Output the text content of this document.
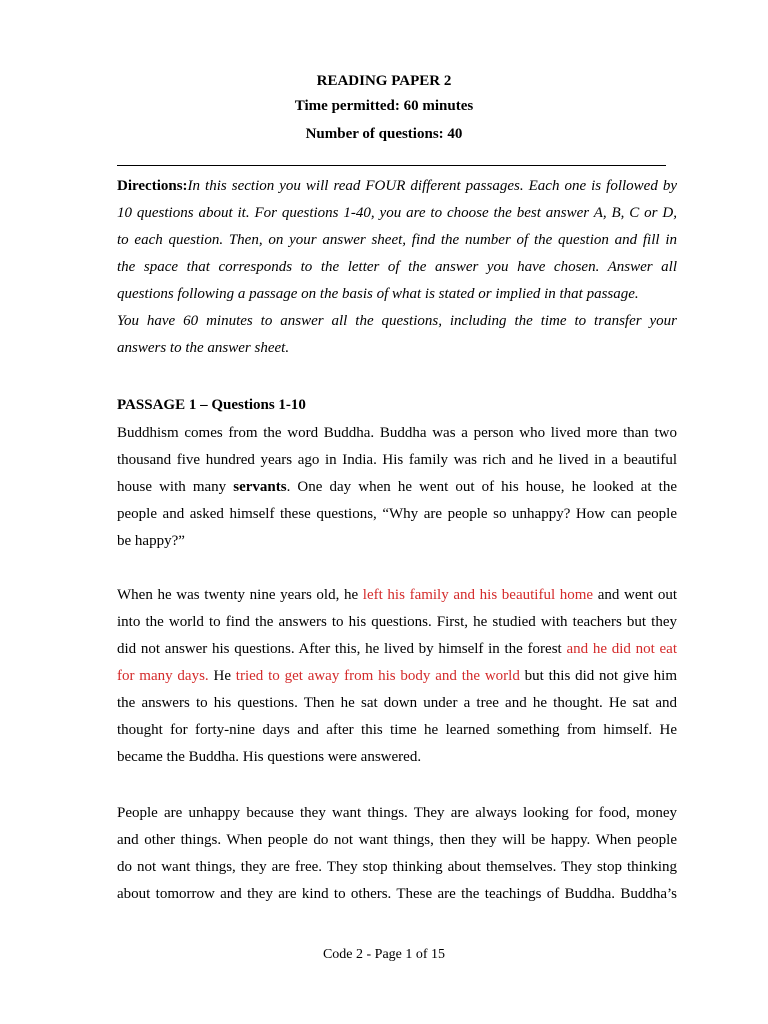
READING PAPER 2
Time permitted: 60 minutes
Number of questions: 40
Directions:In this section you will read FOUR different passages. Each one is followed by
10 questions about it. For questions 1-40, you are to choose the best answer A, B, C or D,
to each question. Then, on your answer sheet, find the number of the question and fill in
the space that corresponds to the letter of the answer you have chosen. Answer all
questions following a passage on the basis of what is stated or implied in that passage.
You have 60 minutes to answer all the questions, including the time to transfer your
answers to the answer sheet.
PASSAGE 1 – Questions 1-10
Buddhism comes from the word Buddha. Buddha was a person who lived more than two
thousand five hundred years ago in India. His family was rich and he lived in a beautiful
house with many servants. One day when he went out of his house, he looked at the
people and asked himself these questions, “Why are people so unhappy? How can people
be happy?”
When he was twenty nine years old, he left his family and his beautiful home and went out
into the world to find the answers to his questions. First, he studied with teachers but they
did not answer his questions. After this, he lived by himself in the forest and he did not eat
for many days. He tried to get away from his body and the world but this did not give him
the answers to his questions. Then he sat down under a tree and he thought. He sat and
thought for forty-nine days and after this time he learned something from himself. He
became the Buddha. His questions were answered.
People are unhappy because they want things. They are always looking for food, money
and other things. When people do not want things, then they will be happy. When people
do not want things, they are free. They stop thinking about themselves. They stop thinking
about tomorrow and they are kind to others. These are the teachings of Buddha. Buddha’s
Code 2 - Page 1 of 15
